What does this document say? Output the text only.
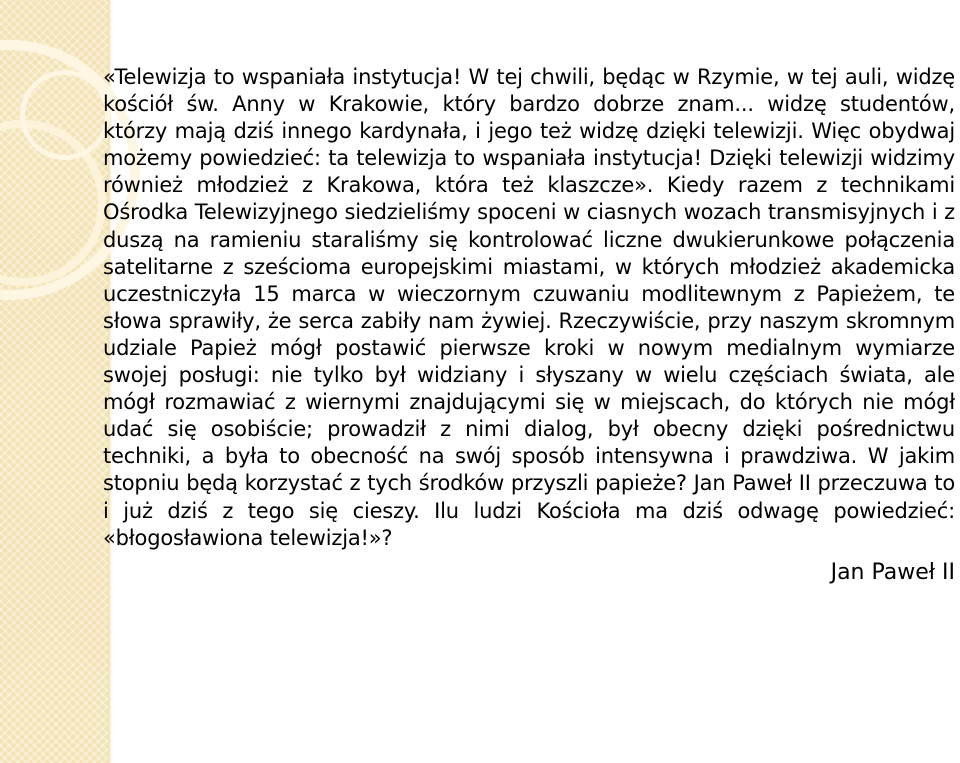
«Telewizja to wspaniała instytucja! W tej chwili, będąc w Rzymie, w tej auli, widzę kościół św. Anny w Krakowie, który bardzo dobrze znam... widzę studentów, którzy mają dziś innego kardynała, i jego też widzę dzięki telewizji. Więc obydwaj możemy powiedzieć: ta telewizja to wspaniała instytucja! Dzięki telewizji widzimy również młodzież z Krakowa, która też klaszcze». Kiedy razem z technikami Ośrodka Telewizyjnego siedzieliśmy spoceni w ciasnych wozach transmisyjnych i z duszą na ramieniu staraliśmy się kontrolować liczne dwukierunkowe połączenia satelitarne z sześcioma europejskimi miastami, w których młodzież akademicka uczestniczyła 15 marca w wieczornym czuwaniu modlitewnym z Papieżem, te słowa sprawiły, że serca zabiły nam żywiej. Rzeczywiście, przy naszym skromnym udziale Papież mógł postawić pierwsze kroki w nowym medialnym wymiarze swojej posługi: nie tylko był widziany i słyszany w wielu częściach świata, ale mógł rozmawiać z wiernymi znajdującymi się w miejscach, do których nie mógł udać się osobiście; prowadził z nimi dialog, był obecny dzięki pośrednictwu techniki, a była to obecność na swój sposób intensywna i prawdziwa. W jakim stopniu będą korzystać z tych środków przyszli papieże? Jan Paweł II przeczuwa to i już dziś z tego się cieszy. Ilu ludzi Kościoła ma dziś odwagę powiedzieć: «błogosławiona telewizja!»?

Jan Paweł II
